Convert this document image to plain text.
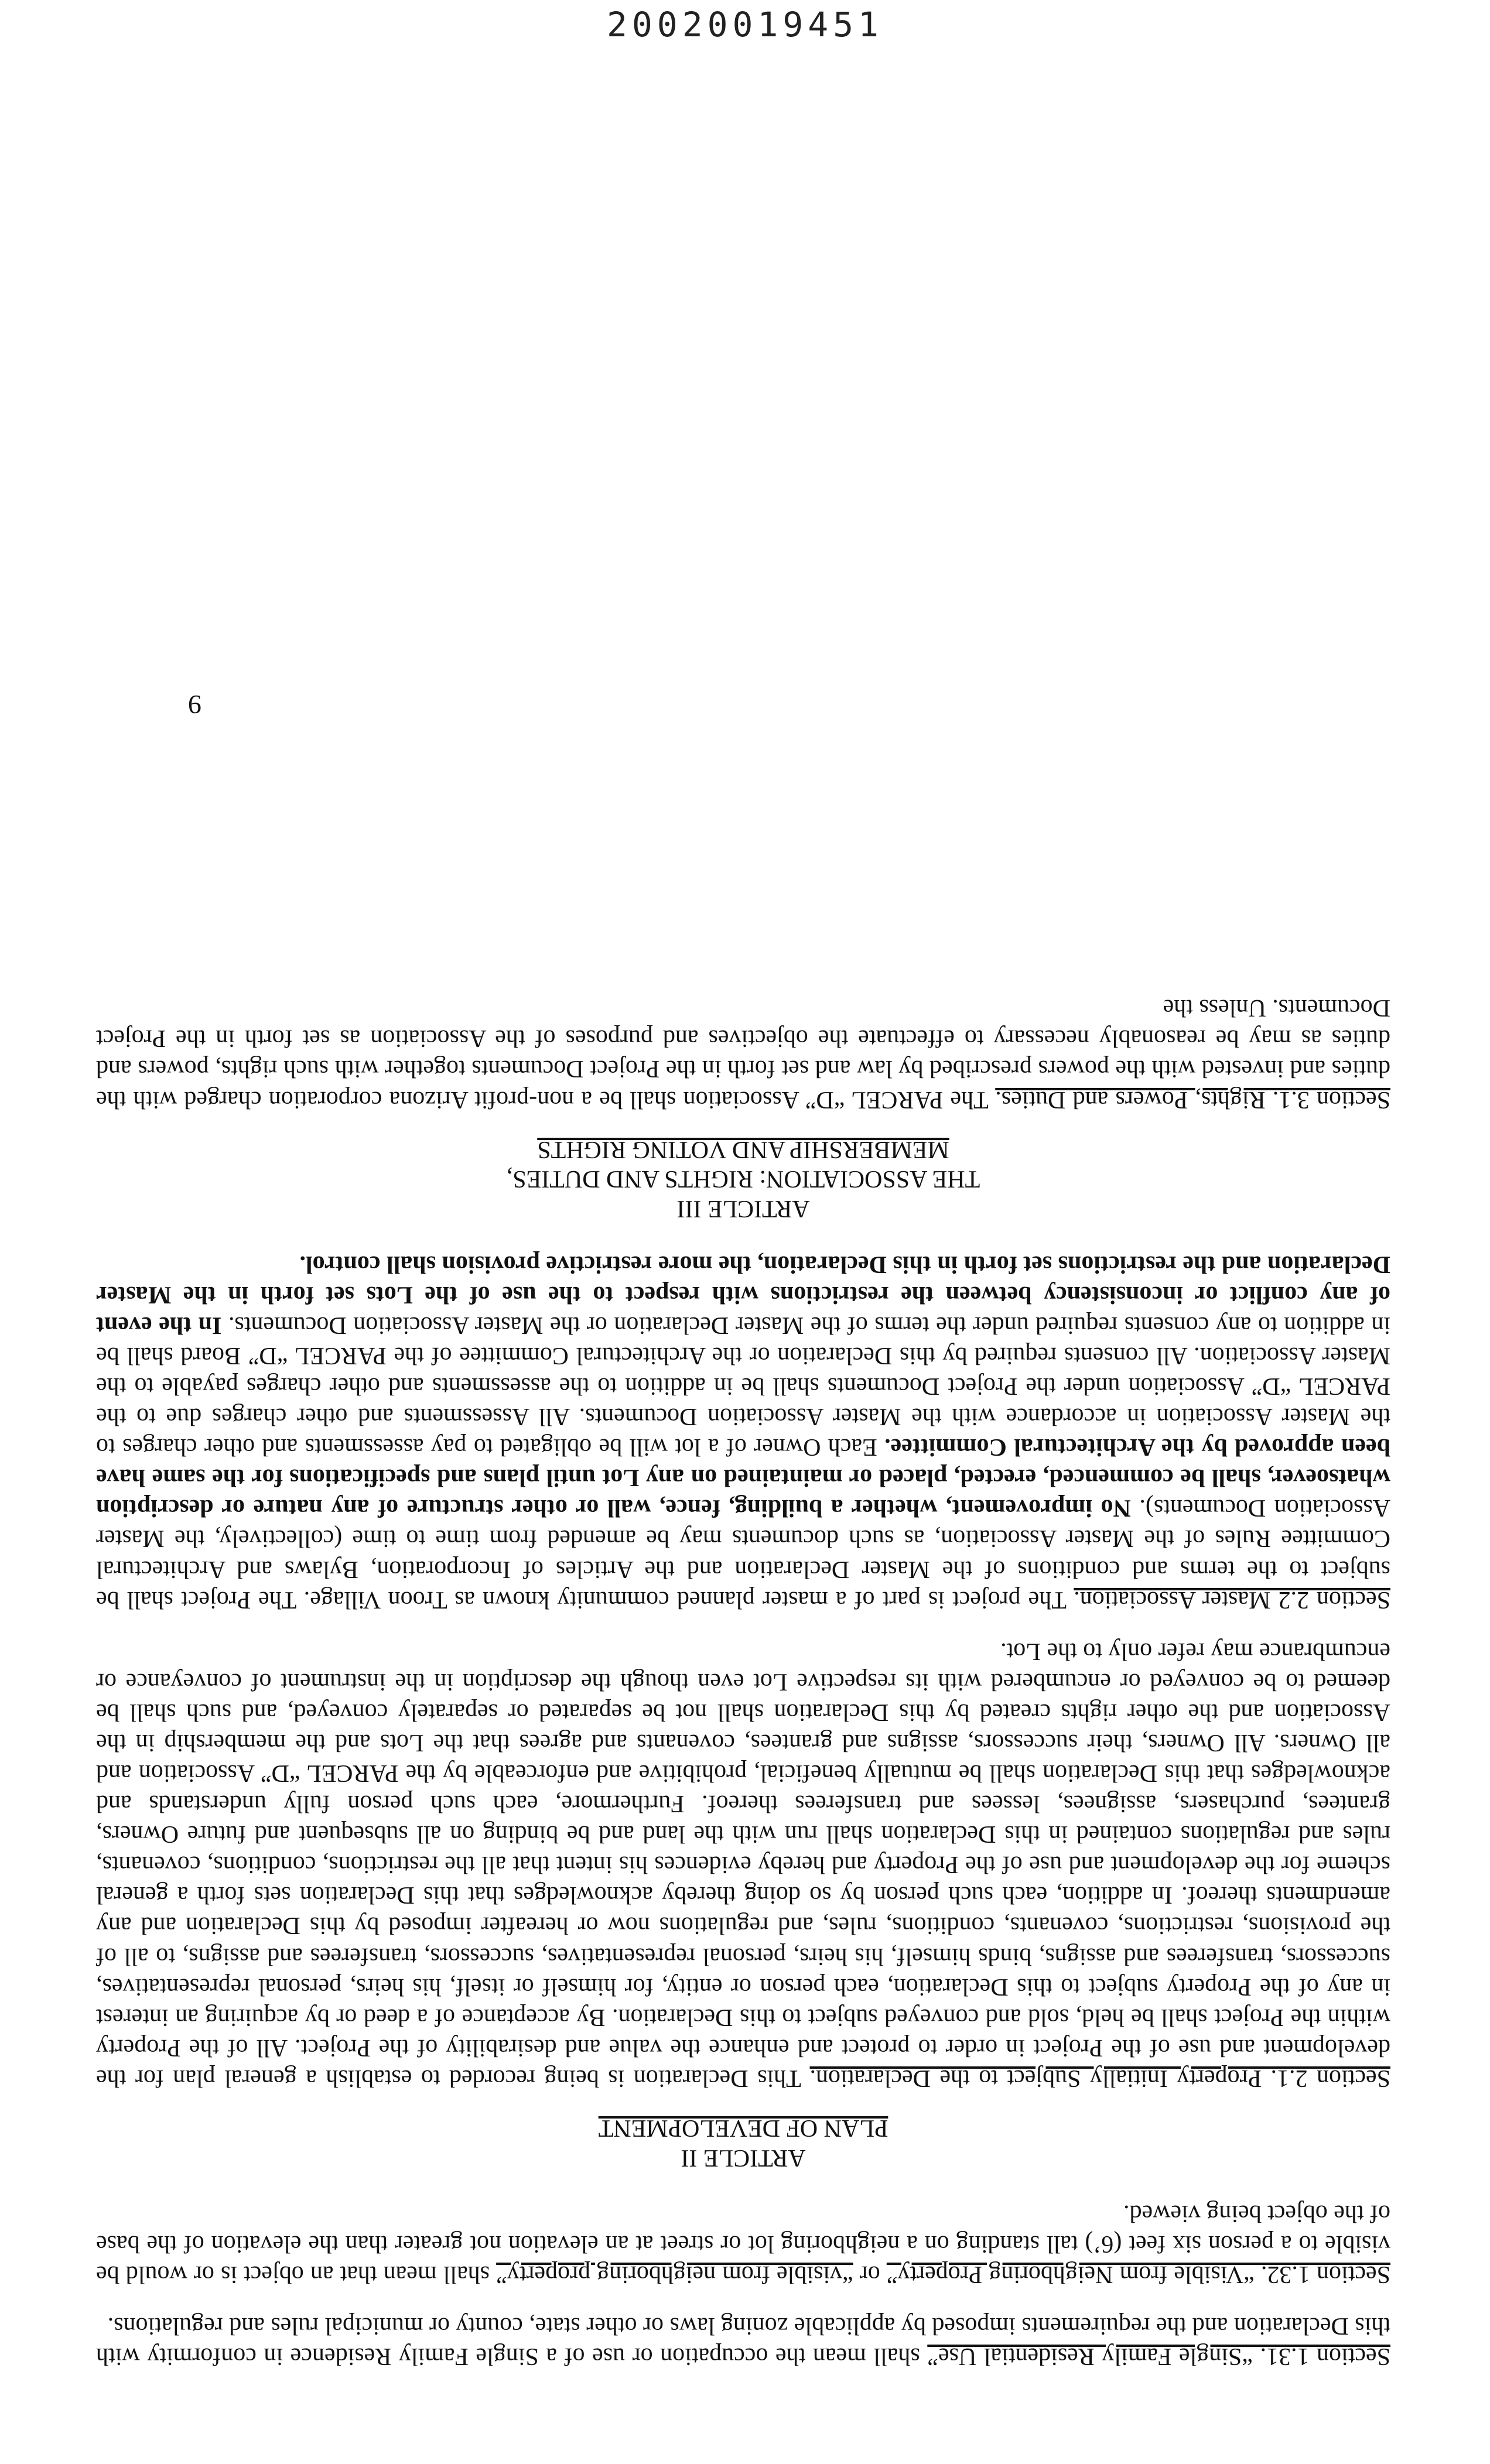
20020019451

Section 1.31. “Single Family Residential Use” shall mean the occupation or use of a Single Family Residence in conformity with this Declaration and the requirements imposed by applicable zoning laws or other state, county or municipal rules and regulations.

Section 1.32. “Visible from Neighboring Property” or “visible from neighboring property” shall mean that an object is or would be visible to a person six feet (6’) tall standing on a neighboring lot or street at an elevation not greater than the elevation of the base of the object being viewed.

ARTICLE II

PLAN OF DEVELOPMENT

Section 2.1. Property Initially Subject to the Declaration. This Declaration is being recorded to establish a general plan for the development and use of the Project in order to protect and enhance the value and desirability of the Project. All of the Property within the Project shall be held, sold and conveyed subject to this Declaration. By acceptance of a deed or by acquiring an interest in any of the Property subject to this Declaration, each person or entity, for himself or itself, his heirs, personal representatives, successors, transferees and assigns, binds himself, his heirs, personal representatives, successors, transferees and assigns, to all of the provisions, restrictions, covenants, conditions, rules, and regulations now or hereafter imposed by this Declaration and any amendments thereof. In addition, each such person by so doing thereby acknowledges that this Declaration sets forth a general scheme for the development and use of the Property and hereby evidences his intent that all the restrictions, conditions, covenants, rules and regulations contained in this Declaration shall run with the land and be binding on all subsequent and future Owners, grantees, purchasers, assignees, lessees and transferees thereof. Furthermore, each such person fully understands and acknowledges that this Declaration shall be mutually beneficial, prohibitive and enforceable by the PARCEL “D” Association and all Owners. All Owners, their successors, assigns and grantees, covenants and agrees that the Lots and the membership in the Association and the other rights created by this Declaration shall not be separated or separately conveyed, and such shall be deemed to be conveyed or encumbered with its respective Lot even though the description in the instrument of conveyance or encumbrance may refer only to the Lot.

Section 2.2 Master Association. The project is part of a master planned community known as Troon Village. The Project shall be subject to the terms and conditions of the Master Declaration and the Articles of Incorporation, Bylaws and Architectural Committee Rules of the Master Association, as such documents may be amended from time to time (collectively, the Master Association Documents). No improvement, whether a building, fence, wall or other structure of any nature or description whatsoever, shall be commenced, erected, placed or maintained on any Lot until plans and specifications for the same have been approved by the Architectural Committee. Each Owner of a lot will be obligated to pay assessments and other charges to the Master Association in accordance with the Master Association Documents. All Assessments and other charges due to the PARCEL “D” Association under the Project Documents shall be in addition to the assessments and other charges payable to the Master Association. All consents required by this Declaration or the Architectural Committee of the PARCEL “D” Board shall be in addition to any consents required under the terms of the Master Declaration or the Master Association Documents. In the event of any conflict or inconsistency between the restrictions with respect to the use of the Lots set forth in the Master Declaration and the restrictions set forth in this Declaration, the more restrictive provision shall control.

ARTICLE III

THE ASSOCIATION: RIGHTS AND DUTIES,

MEMBERSHIP AND VOTING RIGHTS

Section 3.1. Rights, Powers and Duties. The PARCEL “D” Association shall be a non-profit Arizona corporation charged with the duties and invested with the powers prescribed by law and set forth in the Project Documents together with such rights, powers and duties as may be reasonably necessary to effectuate the objectives and purposes of the Association as set forth in the Project Documents. Unless the

9
